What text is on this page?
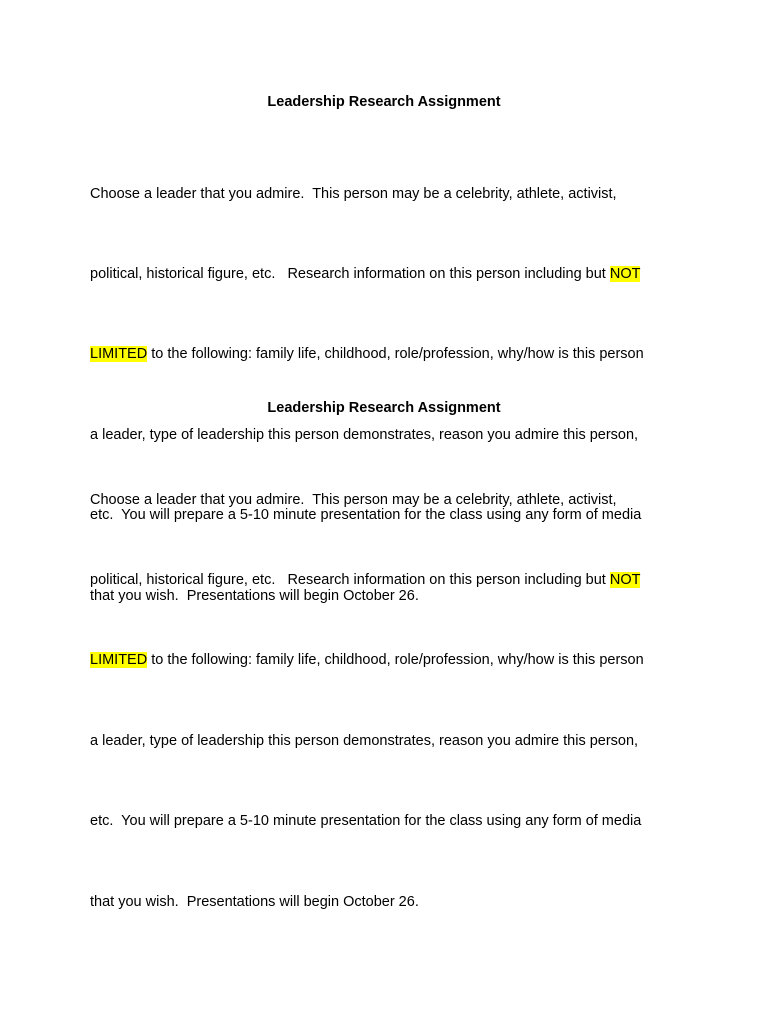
Leadership Research Assignment

Choose a leader that you admire.  This person may be a celebrity, athlete, activist,

political, historical figure, etc.   Research information on this person including but NOT

LIMITED to the following: family life, childhood, role/profession, why/how is this person

a leader, type of leadership this person demonstrates, reason you admire this person,

etc.  You will prepare a 5-10 minute presentation for the class using any form of media

that you wish.  Presentations will begin October 26.

Leadership Research Assignment

Choose a leader that you admire.  This person may be a celebrity, athlete, activist,

political, historical figure, etc.   Research information on this person including but NOT

LIMITED to the following: family life, childhood, role/profession, why/how is this person

a leader, type of leadership this person demonstrates, reason you admire this person,

etc.  You will prepare a 5-10 minute presentation for the class using any form of media

that you wish.  Presentations will begin October 26.
